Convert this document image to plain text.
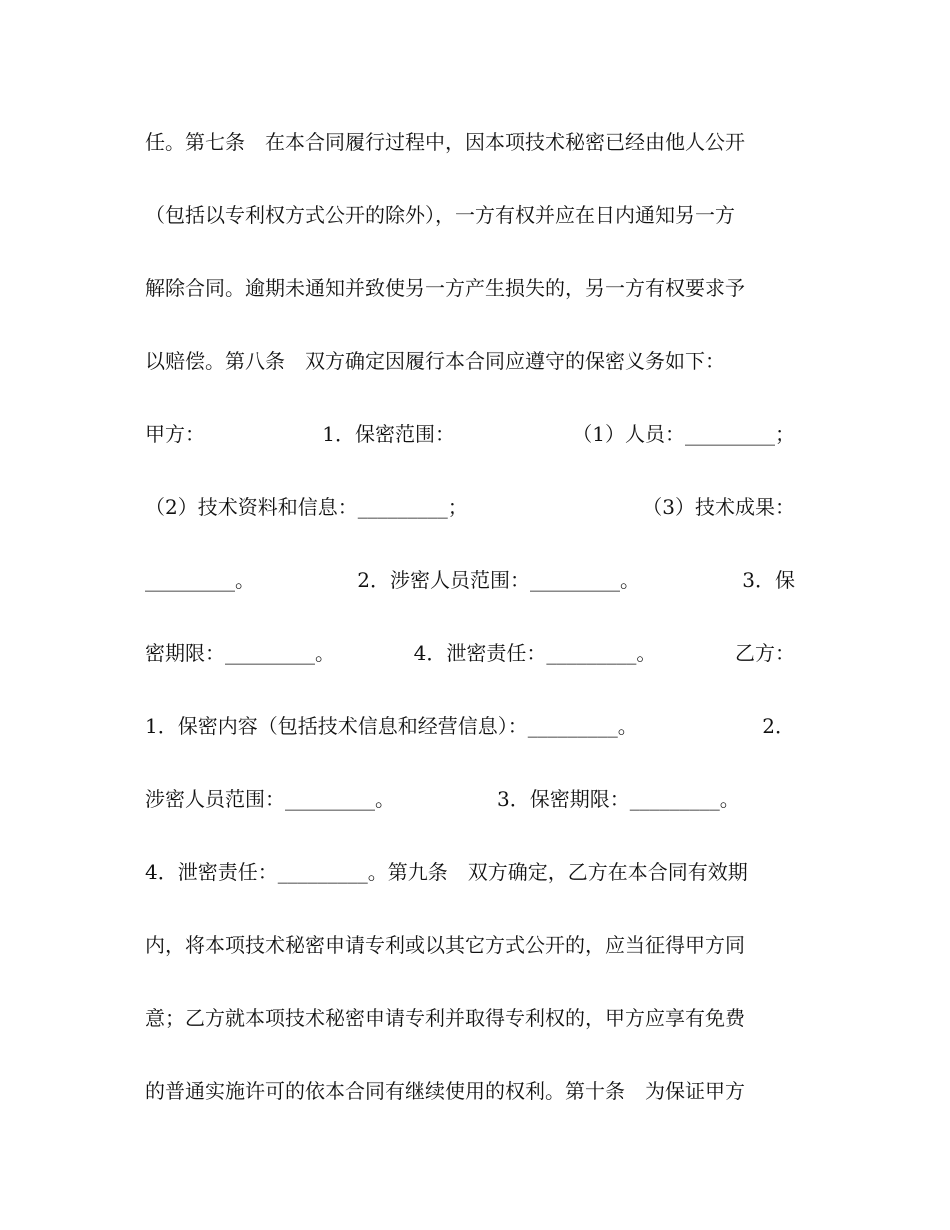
任。第七条　在本合同履行过程中，因本项技术秘密已经由他人公开
（包括以专利权方式公开的除外），一方有权并应在日内通知另一方
解除合同。逾期未通知并致使另一方产生损失的，另一方有权要求予
以赔偿。第八条　双方确定因履行本合同应遵守的保密义务如下：
甲方：	1．保密范围：	（1）人员：_________；
（2）技术资料和信息：_________；	（3）技术成果：
_________。	2．涉密人员范围：_________。	3．保
密期限：_________。	4．泄密责任：_________。	乙方：
1．保密内容（包括技术信息和经营信息）：_________。	2．
涉密人员范围：_________。	3．保密期限：_________。
4．泄密责任：_________。第九条　双方确定，乙方在本合同有效期
内，将本项技术秘密申请专利或以其它方式公开的，应当征得甲方同
意；乙方就本项技术秘密申请专利并取得专利权的，甲方应享有免费
的普通实施许可的依本合同有继续使用的权利。第十条　为保证甲方
